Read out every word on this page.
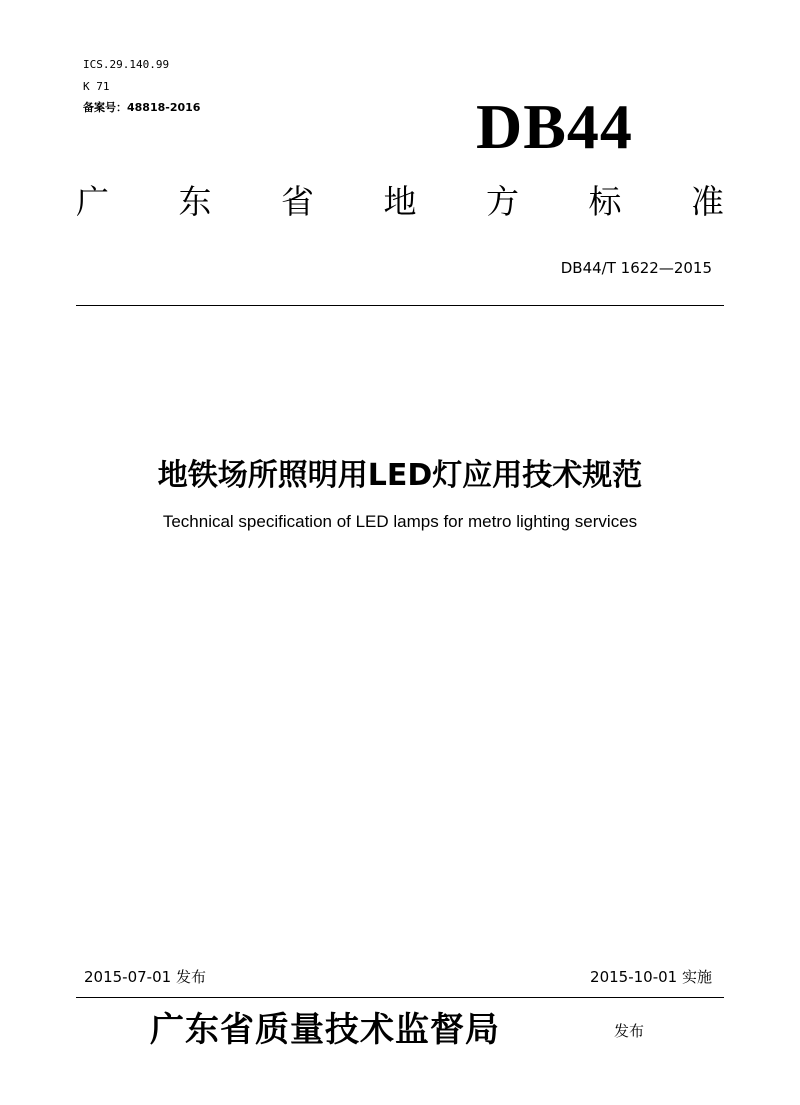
ICS.29.140.99
K 71
备案号：48818-2016	DB44
广 东 省 地 方 标 准
DB44/T 1622—2015
地铁场所照明用LED灯应用技术规范
Technical specification of LED lamps for metro lighting services
2015-07-01 发布	2015-10-01 实施
广东省质量技术监督局	发布
